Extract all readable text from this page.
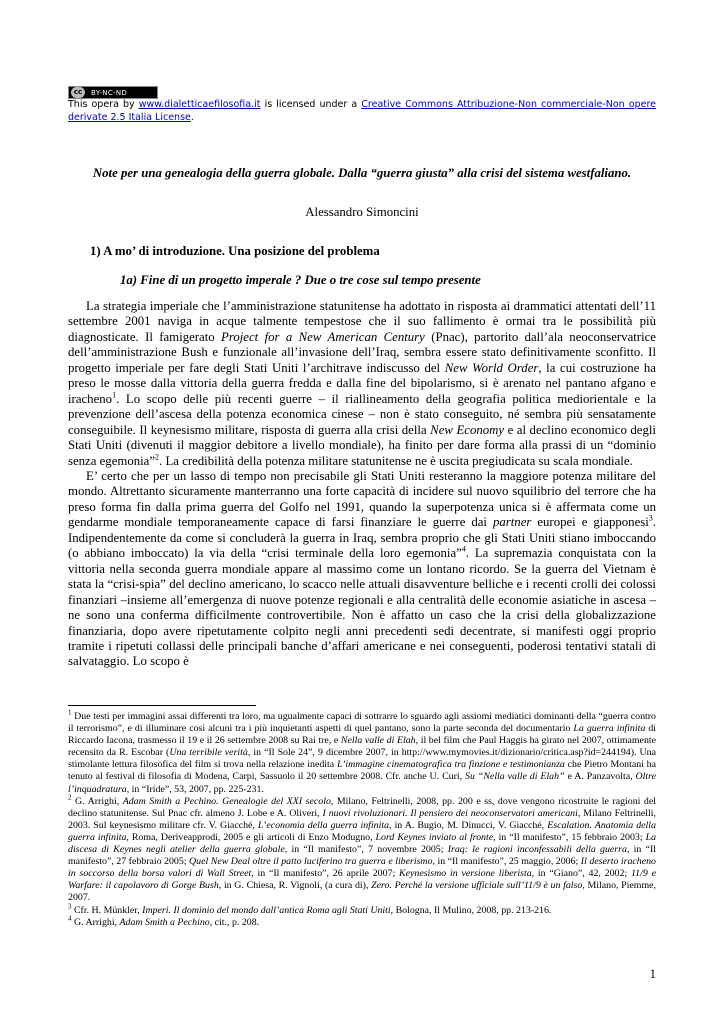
cc	BY-NC-ND
This opera by www.dialetticaefilosofia.it is licensed under a Creative Commons Attribuzione-Non commerciale-Non opere derivate 2.5 Italia License.
Note per una genealogia della guerra globale. Dalla “guerra giusta” alla crisi del sistema westfaliano.
Alessandro Simoncini
1) A mo’ di introduzione. Una posizione del problema
1a) Fine di un progetto imperale ? Due o tre cose sul tempo presente

La strategia imperiale che l’amministrazione statunitense ha adottato in risposta ai drammatici attentati dell’11 settembre 2001 naviga in acque talmente tempestose che il suo fallimento è ormai tra le possibilità più diagnosticate. Il famigerato Project for a New American Century (Pnac), partorito dall’ala neoconservatrice dell’amministrazione Bush e funzionale all’invasione dell’Iraq, sembra essere stato definitivamente sconfitto. Il progetto imperiale per fare degli Stati Uniti l’architrave indiscusso del New World Order, la cui costruzione ha preso le mosse dalla vittoria della guerra fredda e dalla fine del bipolarismo, si è arenato nel pantano afgano e iracheno$^1$. Lo scopo delle più recenti guerre – il riallineamento della geografia politica mediorientale e la prevenzione dell’ascesa della potenza economica cinese – non è stato conseguito, né sembra più sensatamente conseguibile. Il keynesismo militare, risposta di guerra alla crisi della New Economy e al declino economico degli Stati Uniti (divenuti il maggior debitore a livello mondiale), ha finito per dare forma alla prassi di un “dominio senza egemonia”$^2$. La credibilità della potenza militare statunitense ne è uscita pregiudicata su scala mondiale.

E’ certo che per un lasso di tempo non precisabile gli Stati Uniti resteranno la maggiore potenza militare del mondo. Altrettanto sicuramente manterranno una forte capacità di incidere sul nuovo squilibrio del terrore che ha preso forma fin dalla prima guerra del Golfo nel 1991, quando la superpotenza unica si è affermata come un gendarme mondiale temporaneamente capace di farsi finanziare le guerre dai partner europei e giapponesi$^3$. Indipendentemente da come si concluderà la guerra in Iraq, sembra proprio che gli Stati Uniti stiano imboccando (o abbiano imboccato) la via della “crisi terminale della loro egemonia”$^4$. La supremazia conquistata con la vittoria nella seconda guerra mondiale appare al massimo come un lontano ricordo. Se la guerra del Vietnam è stata la “crisi-spia” del declino americano, lo scacco nelle attuali disavventure belliche e i recenti crolli dei colossi finanziari –insieme all’emergenza di nuove potenze regionali e alla centralità delle economie asiatiche in ascesa – ne sono una conferma difficilmente controvertibile. Non è affatto un caso che la crisi della globalizzazione finanziaria, dopo avere ripetutamente colpito negli anni precedenti sedi decentrate, si manifesti oggi proprio tramite i ripetuti collassi delle principali banche d’affari americane e nei conseguenti, poderosi tentativi statali di salvataggio. Lo scopo è

$^1$ Due testi per immagini assai differenti tra loro, ma ugualmente capaci di sottrarre lo sguardo agli assiomi mediatici dominanti della “guerra contro il terrorismo”, e di illuminare così alcuni tra i più inquietanti aspetti di quel pantano, sono la parte seconda del documentario La guerra infinita di Riccardo Iacona, trasmesso il 19 e il 26 settembre 2008 su Rai tre, e Nella valle di Elah, il bel film che Paul Haggis ha girato nel 2007, ottimamente recensito da R. Escobar (Una terribile verità, in “Il Sole 24”, 9 dicembre 2007, in http://www.mymovies.it/dizionario/critica.asp?id=244194). Una stimolante lettura filosofica del film si trova nella relazione inedita L’immagine cinematografica tra finzione e testimonianza che Pietro Montani ha tenuto al festival di filosofia di Modena, Carpi, Sassuolo il 20 settembre 2008. Cfr. anche U. Curi, Su “Nella valle di Elah” e A. Panzavolta, Oltre l’inquadratura, in “Iride”, 53, 2007, pp. 225-231.

$^2$ G. Arrighi, Adam Smith a Pechino. Genealogie del XXI secolo, Milano, Feltrinelli, 2008, pp. 200 e ss, dove vengono ricostruite le ragioni del declino statunitense. Sul Pnac cfr. almeno J. Lobe e A. Oliveri, I nuovi rivoluzionari. Il pensiero dei neoconservatori americani, Milano Feltrinelli, 2003. Sul keynesismo militare cfr. V. Giacché, L’economia della guerra infinita, in A. Bugio, M. Dinucci, V. Giacché, Escalation. Anatomia della guerra infinita, Roma, Deriveapprodi, 2005 e gli articoli di Enzo Modugno, Lord Keynes inviato al fronte, in “Il manifesto”, 15 febbraio 2003; La discesa di Keynes negli atelier della guerra globale, in “Il manifesto”, 7 novembre 2005; Iraq: le ragioni inconfessabili della guerra, in “Il manifesto”, 27 febbraio 2005; Quel New Deal oltre il patto luciferino tra guerra e liberismo, in “Il manifesto”, 25 maggio, 2006; Il deserto iracheno in soccorso della borsa valori di Wall Street, in “Il manifesto”, 26 aprile 2007; Keynesismo in versione liberista, in “Giano”, 42, 2002; 11/9 e Warfare: il capolavoro di Gorge Bush, in G. Chiesa, R. Vignoli, (a cura di), Zero. Perché la versione ufficiale sull’11/9 è un falso, Milano, Piemme, 2007.

$^3$ Cfr. H. Münkler, Imperi. Il dominio del mondo dall’antica Roma agli Stati Uniti, Bologna, Il Mulino, 2008, pp. 213-216.

$^4$ G. Arrighi, Adam Smith a Pechino, cit., p. 208.

1
